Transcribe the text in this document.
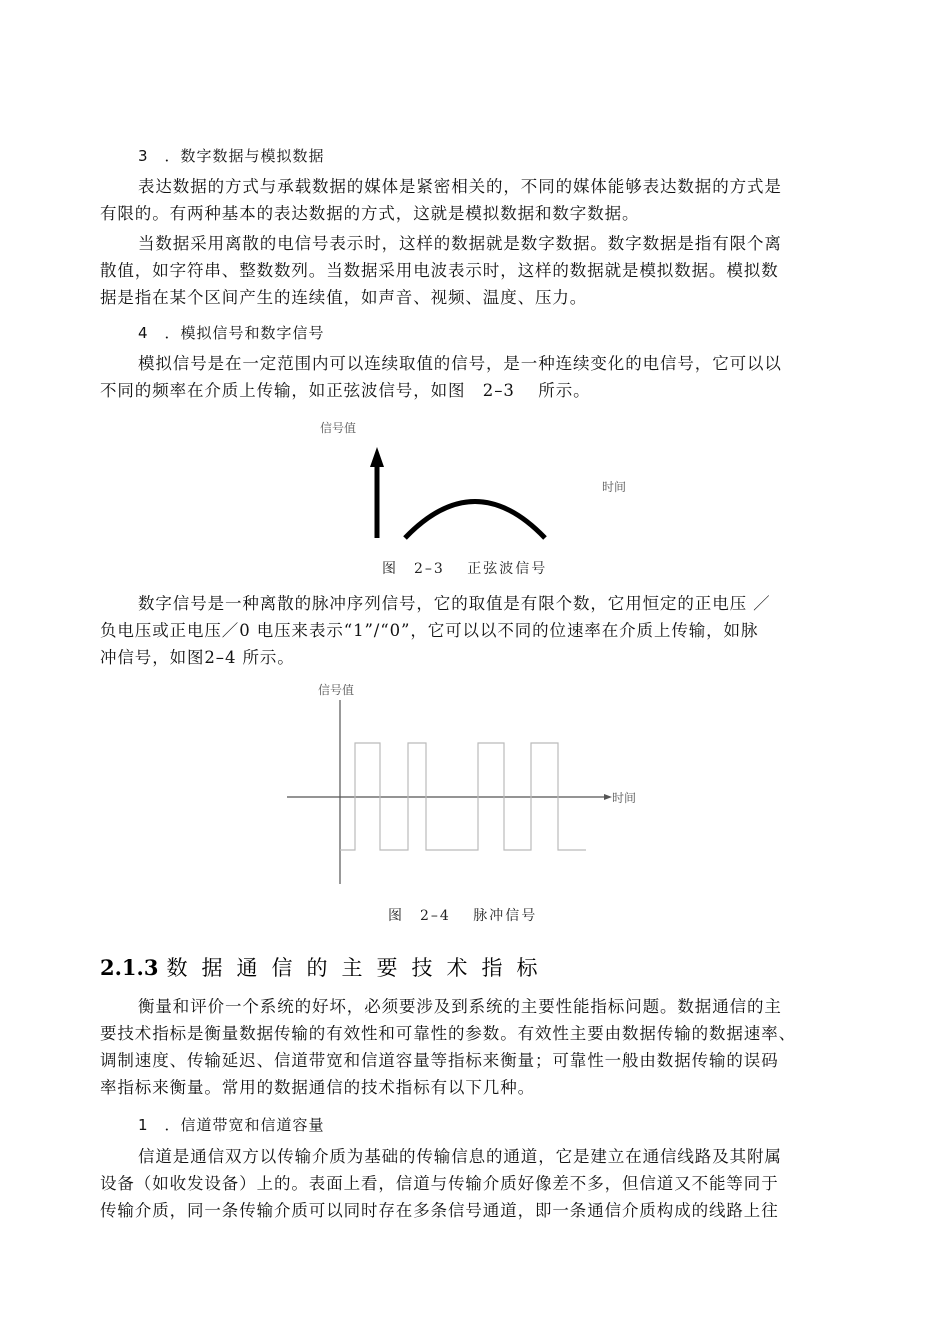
3　．数字数据与模拟数据
表达数据的方式与承载数据的媒体是紧密相关的，不同的媒体能够表达数据的方式是
有限的。有两种基本的表达数据的方式，这就是模拟数据和数字数据。
当数据采用离散的电信号表示时，这样的数据就是数字数据。数字数据是指有限个离
散值，如字符串、整数数列。当数据采用电波表示时，这样的数据就是模拟数据。模拟数
据是指在某个区间产生的连续值，如声音、视频、温度、压力。
4　．模拟信号和数字信号
模拟信号是在一定范围内可以连续取值的信号，是一种连续变化的电信号，它可以以
不同的频率在介质上传输，如正弦波信号，如图　2–3　 所示。
信号值
时间
图　2–3　 正弦波信号
数字信号是一种离散的脉冲序列信号，它的取值是有限个数，它用恒定的正电压 ／
负电压或正电压／0 电压来表示“1”/“0”，它可以以不同的位速率在介质上传输，如脉
冲信号，如图2–4 所示。
信号值
时间
图　2–4　 脉冲信号
2.1.3 数据通信的主要技术指标
衡量和评价一个系统的好坏，必须要涉及到系统的主要性能指标问题。数据通信的主
要技术指标是衡量数据传输的有效性和可靠性的参数。有效性主要由数据传输的数据速率、
调制速度、传输延迟、信道带宽和信道容量等指标来衡量；可靠性一般由数据传输的误码
率指标来衡量。常用的数据通信的技术指标有以下几种。
1　．信道带宽和信道容量
信道是通信双方以传输介质为基础的传输信息的通道，它是建立在通信线路及其附属
设备（如收发设备）上的。表面上看，信道与传输介质好像差不多，但信道又不能等同于
传输介质，同一条传输介质可以同时存在多条信号通道，即一条通信介质构成的线路上往
